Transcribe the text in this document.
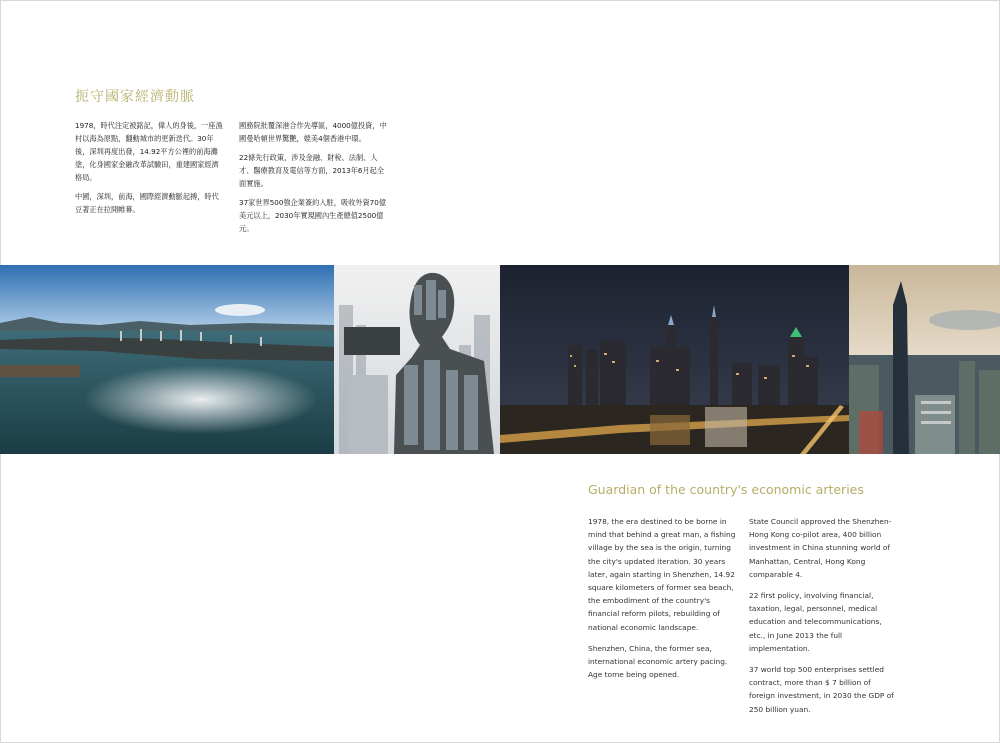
扼守國家經濟動脈

1978，時代注定被銘記，偉人的身後，一座漁村以海為原點，翻動城市的更新迭代。30年後，深圳再度出發，14.92平方公裡的前海灘塗，化身國家金融改革試驗田，重建國家經濟格局。

中國，深圳，前海，國際經濟動脈起搏，時代豆著正在拉開帷幕。

國務院批覆深港合作先導區，4000億投資，中國曼哈頓世界驚艷，媲美4個香港中環。

22條先行政策，涉及金融、財稅、法制、人才、醫療教育及電信等方面，2013年6月起全面實施。

37家世界500強企業簽約入駐，吸收外資70億美元以上，2030年實現國內生產總值2500億元。

Guardian of the country's economic arteries

1978, the era destined to be borne in mind that behind a great man, a fishing village by the sea is the origin, turning the city's updated iteration. 30 years later, again starting in Shenzhen, 14.92 square kilometers of former sea beach, the embodiment of the country's financial reform pilots, rebuilding of national economic landscape.

Shenzhen, China, the former sea, international economic artery pacing. Age tome being opened.

State Council approved the Shenzhen-Hong Kong co-pilot area, 400 billion investment in China stunning world of Manhattan, Central, Hong Kong comparable 4.

22 first policy, involving financial, taxation, legal, personnel, medical education and telecommunications, etc., in June 2013 the full implementation.

37 world top 500 enterprises settled contract, more than $ 7 billion of foreign investment, in 2030 the GDP of 250 billion yuan.
